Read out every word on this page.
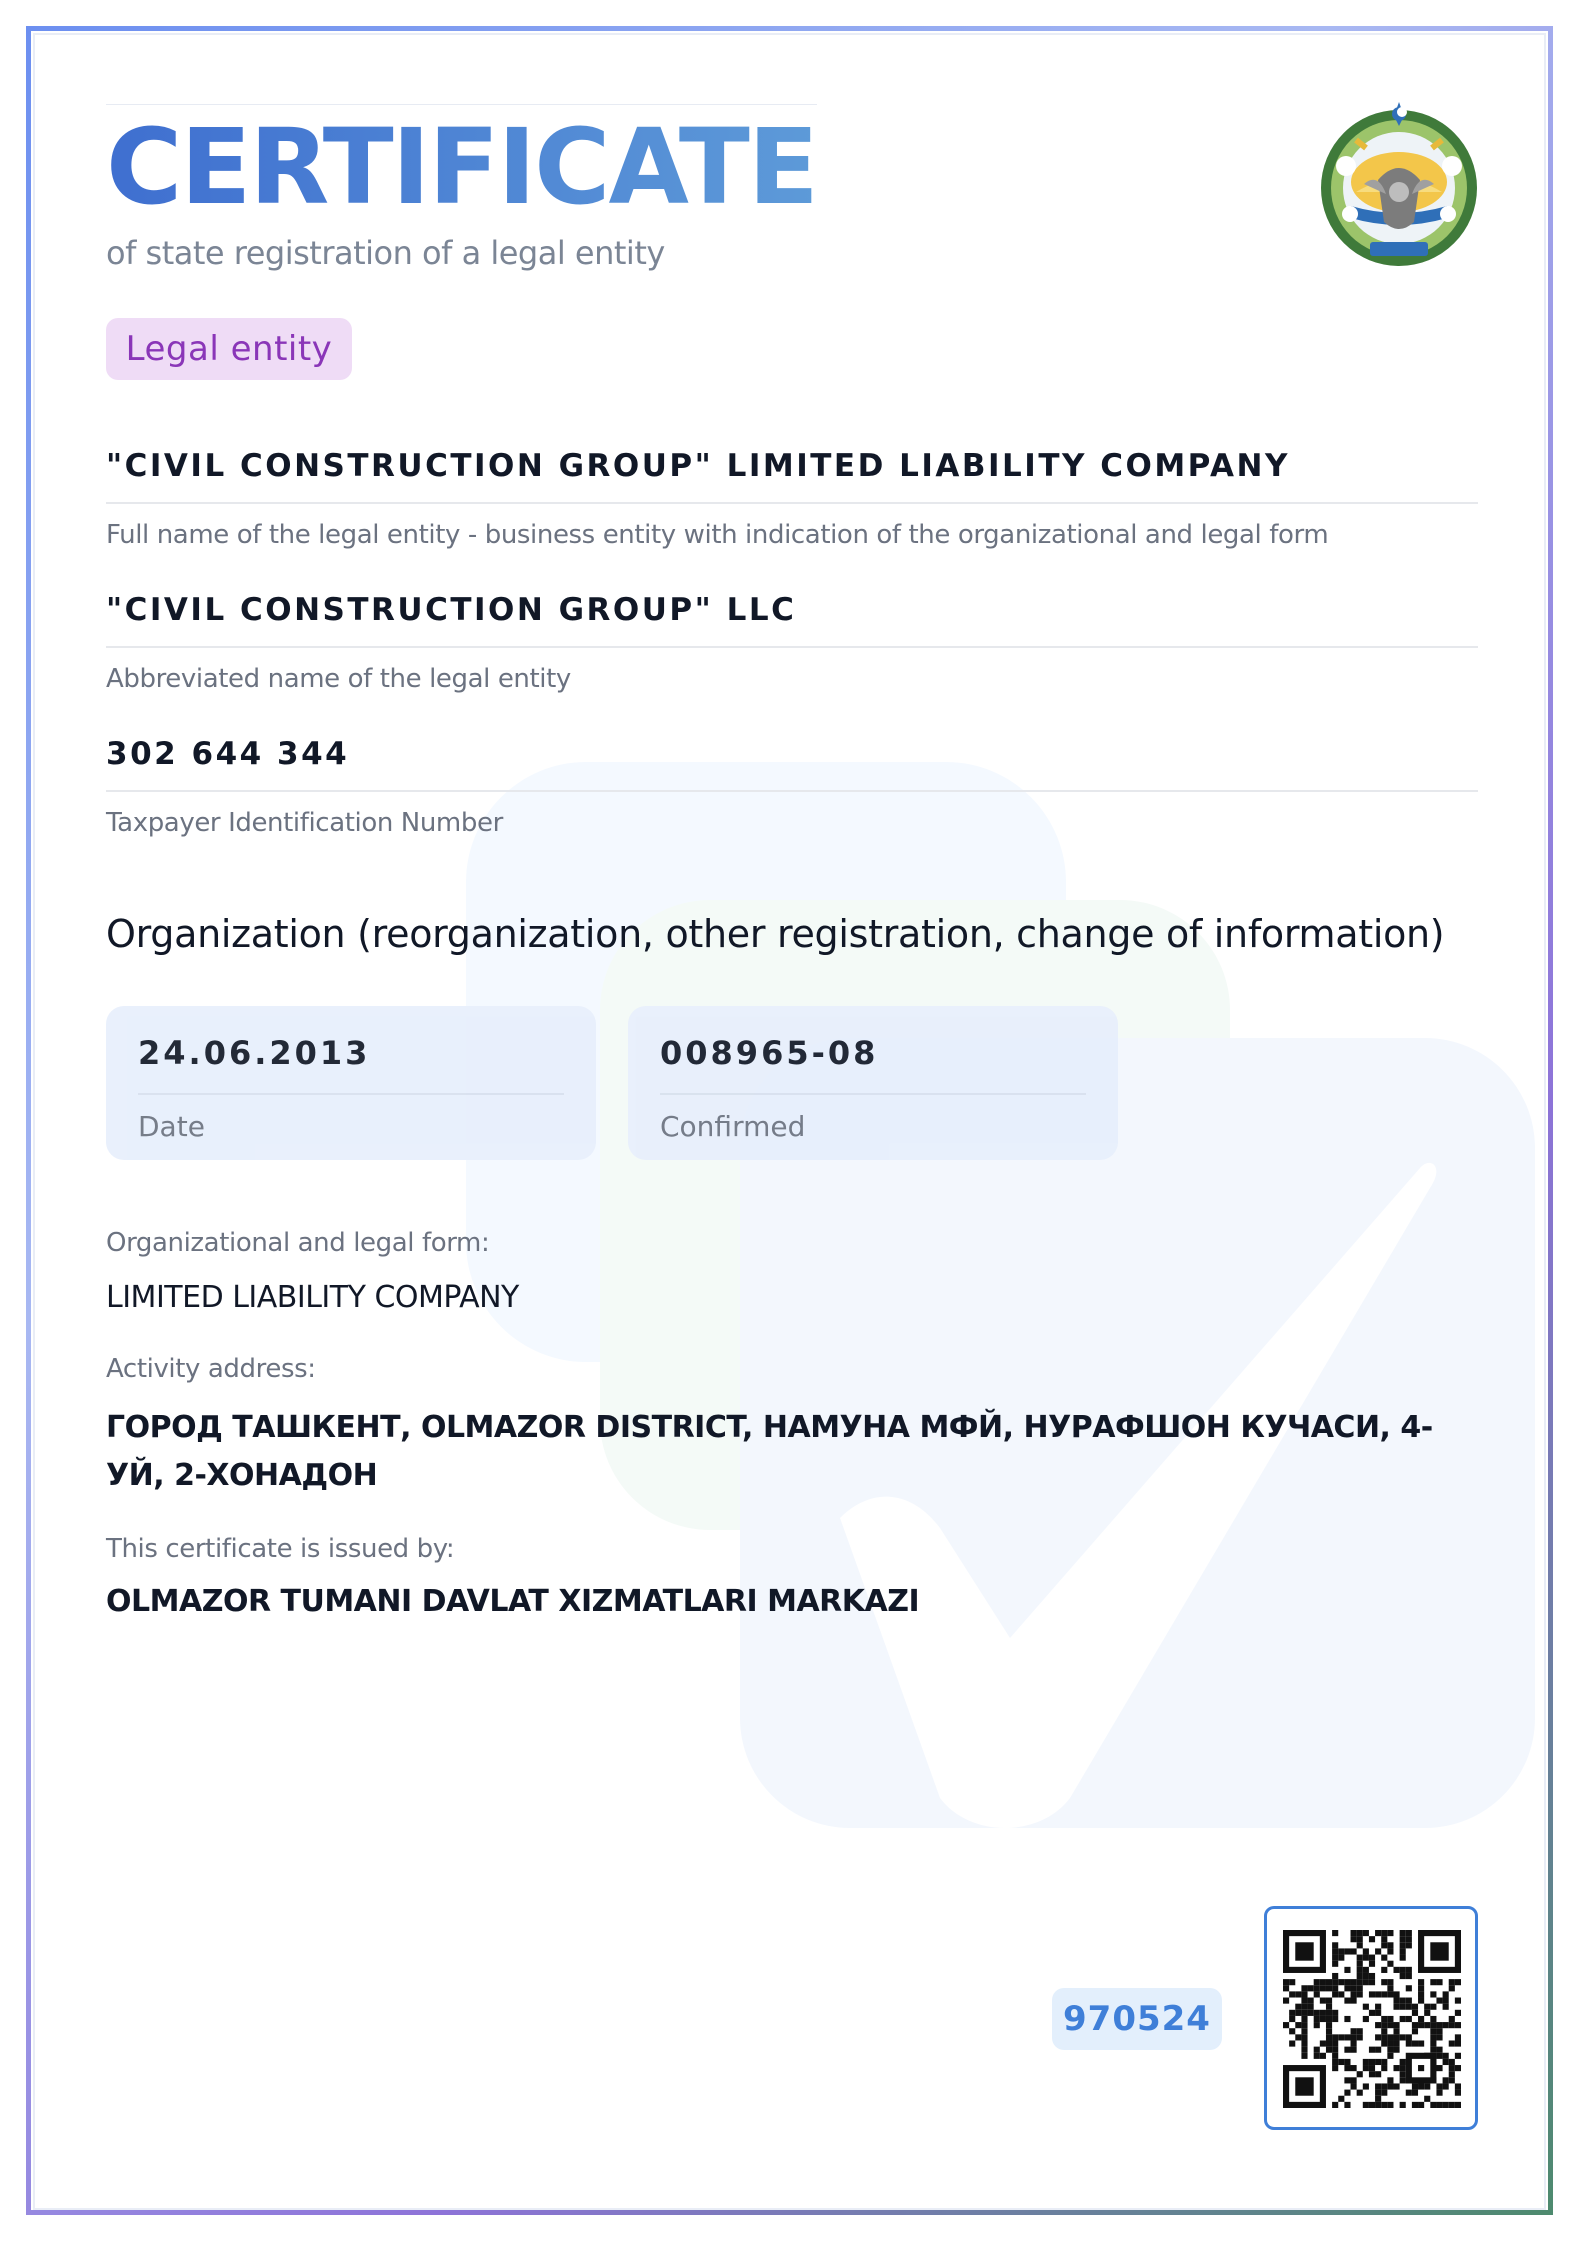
CERTIFICATE
of state registration of a legal entity
Legal entity
"CIVIL CONSTRUCTION GROUP" LIMITED LIABILITY COMPANY
Full name of the legal entity - business entity with indication of the organizational and legal form
"CIVIL CONSTRUCTION GROUP" LLC
Abbreviated name of the legal entity
302 644 344
Taxpayer Identification Number
Organization (reorganization, other registration, change of information)
24.06.2013
Date
008965-08
Confirmed
Organizational and legal form:
LIMITED LIABILITY COMPANY
Activity address:
ГОРОД ТАШКЕНТ, OLMAZOR DISTRICT, НАМУНА МФЙ, НУРАФШОН КУЧАСИ, 4-УЙ, 2-ХОНАДОН
This certificate is issued by:
OLMAZOR TUMANI DAVLAT XIZMATLARI MARKAZI
970524
